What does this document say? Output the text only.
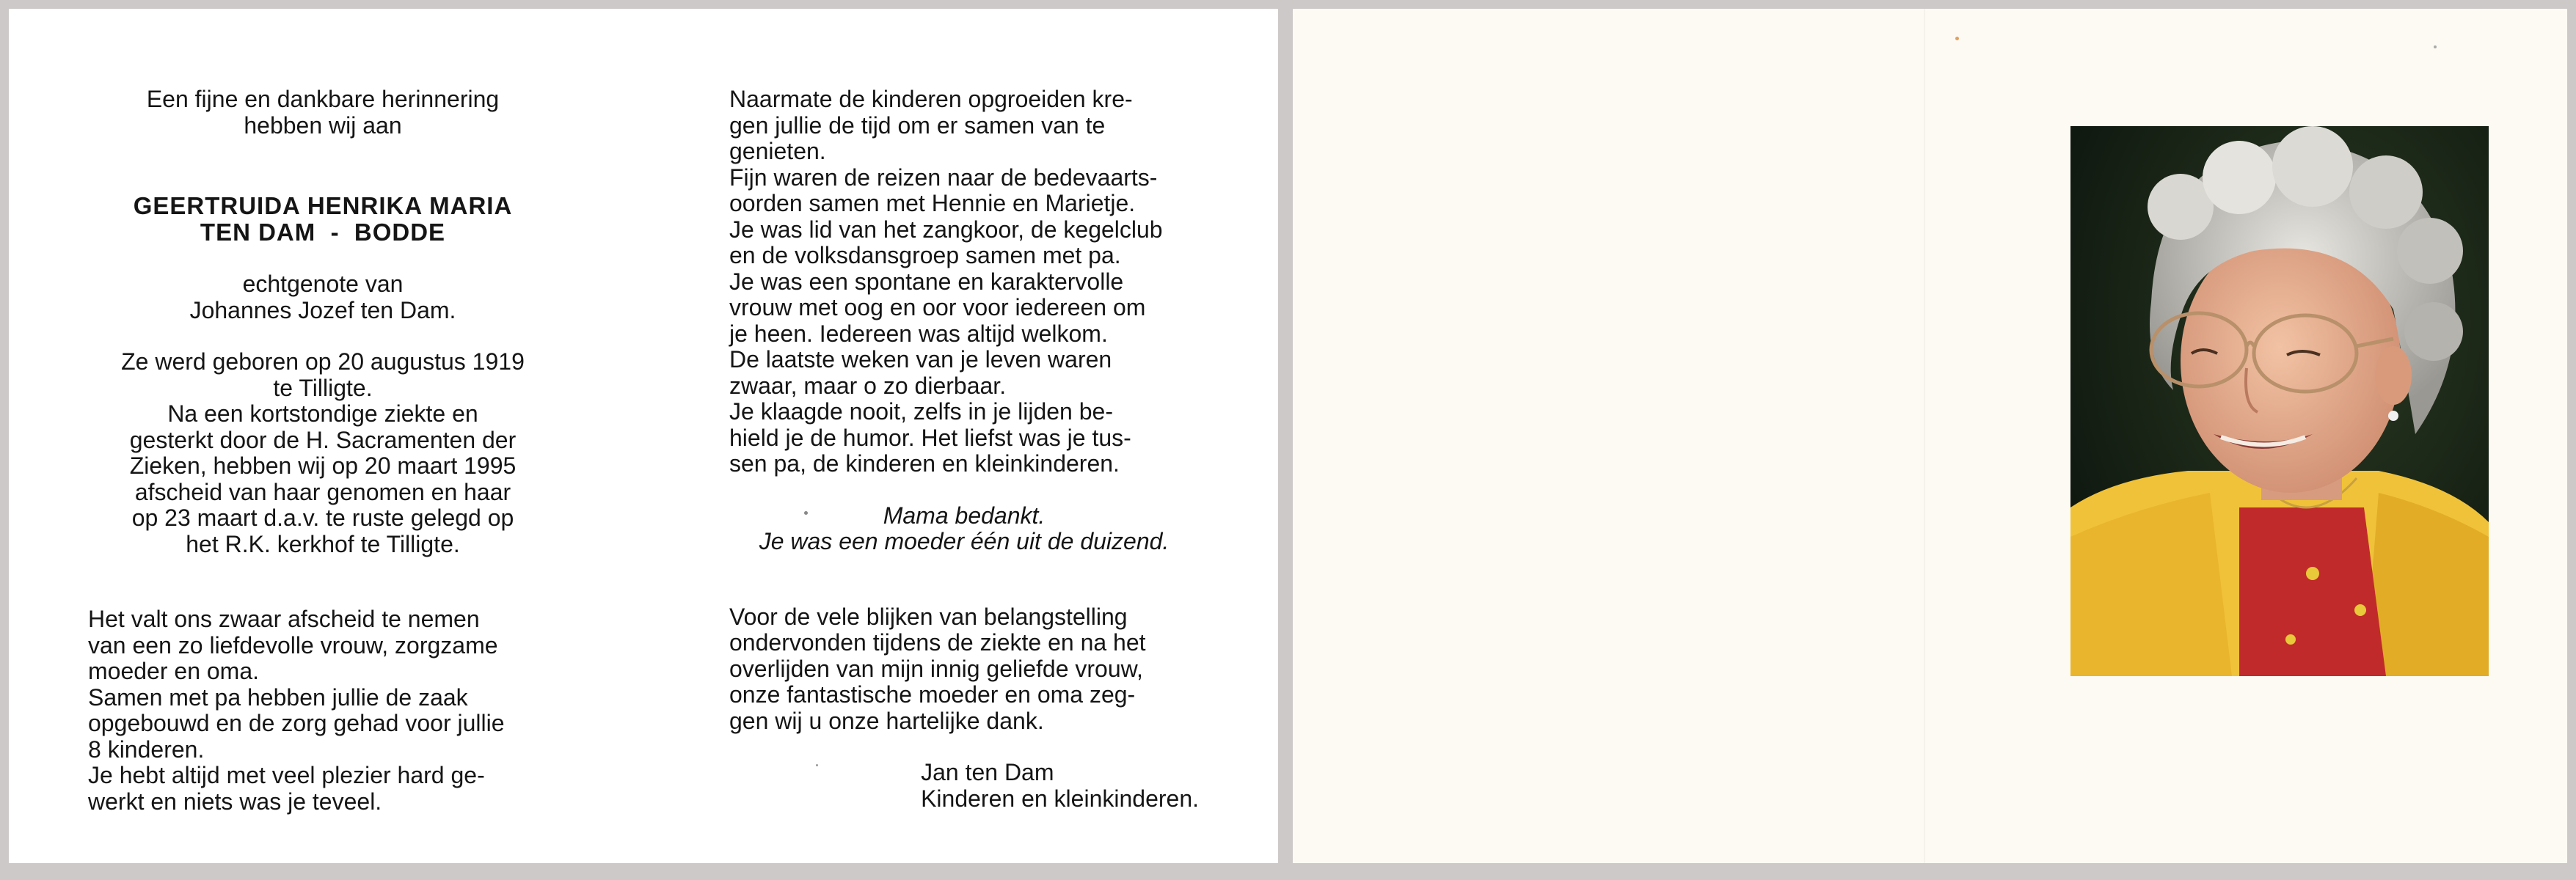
Een fijne en dankbare herinnering
hebben wij aan
GEERTRUIDA HENRIKA MARIA
TEN DAM  -  BODDE
echtgenote van
Johannes Jozef ten Dam.
Ze werd geboren op 20 augustus 1919
te Tilligte.
Na een kortstondige ziekte en
gesterkt door de H. Sacramenten der
Zieken, hebben wij op 20 maart 1995
afscheid van haar genomen en haar
op 23 maart d.a.v. te ruste gelegd op
het R.K. kerkhof te Tilligte.
Het valt ons zwaar afscheid te nemen
van een zo liefdevolle vrouw, zorgzame
moeder en oma.
Samen met pa hebben jullie de zaak
opgebouwd en de zorg gehad voor jullie
8 kinderen.
Je hebt altijd met veel plezier hard ge-
werkt en niets was je teveel.
Naarmate de kinderen opgroeiden kre-
gen jullie de tijd om er samen van te
genieten.
Fijn waren de reizen naar de bedevaarts-
oorden samen met Hennie en Marietje.
Je was lid van het zangkoor, de kegelclub
en de volksdansgroep samen met pa.
Je was een spontane en karaktervolle
vrouw met oog en oor voor iedereen om
je heen. Iedereen was altijd welkom.
De laatste weken van je leven waren
zwaar, maar o zo dierbaar.
Je klaagde nooit, zelfs in je lijden be-
hield je de humor. Het liefst was je tus-
sen pa, de kinderen en kleinkinderen.
Mama bedankt.
Je was een moeder één uit de duizend.
Voor de vele blijken van belangstelling
ondervonden tijdens de ziekte en na het
overlijden van mijn innig geliefde vrouw,
onze fantastische moeder en oma zeg-
gen wij u onze hartelijke dank.
Jan ten Dam
Kinderen en kleinkinderen.
